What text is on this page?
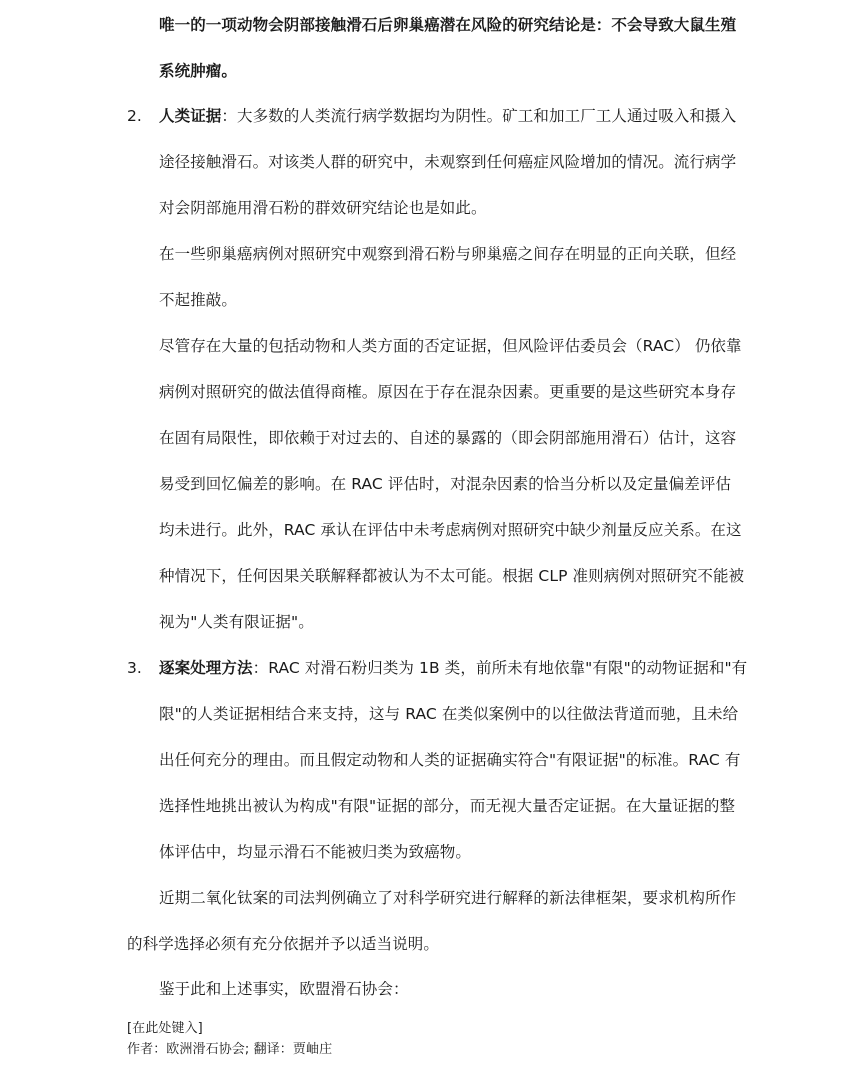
唯一的一项动物会阴部接触滑石后卵巢癌潜在风险的研究结论是：不会导致大鼠生殖

系统肿瘤。

2. 人类证据：大多数的人类流行病学数据均为阴性。矿工和加工厂工人通过吸入和摄入

途径接触滑石。对该类人群的研究中，未观察到任何癌症风险增加的情况。流行病学

对会阴部施用滑石粉的群效研究结论也是如此。

在一些卵巢癌病例对照研究中观察到滑石粉与卵巢癌之间存在明显的正向关联，但经

不起推敲。

尽管存在大量的包括动物和人类方面的否定证据，但风险评估委员会（RAC） 仍依靠

病例对照研究的做法值得商榷。原因在于存在混杂因素。更重要的是这些研究本身存

在固有局限性，即依赖于对过去的、自述的暴露的（即会阴部施用滑石）估计，这容

易受到回忆偏差的影响。在 RAC 评估时，对混杂因素的恰当分析以及定量偏差评估

均未进行。此外，RAC 承认在评估中未考虑病例对照研究中缺少剂量反应关系。在这

种情况下，任何因果关联解释都被认为不太可能。根据 CLP 准则病例对照研究不能被

视为"人类有限证据"。

3. 逐案处理方法：RAC 对滑石粉归类为 1B 类，前所未有地依靠"有限"的动物证据和"有

限"的人类证据相结合来支持，这与 RAC 在类似案例中的以往做法背道而驰，且未给

出任何充分的理由。而且假定动物和人类的证据确实符合"有限证据"的标准。RAC 有

选择性地挑出被认为构成"有限"证据的部分，而无视大量否定证据。在大量证据的整

体评估中，均显示滑石不能被归类为致癌物。

近期二氧化钛案的司法判例确立了对科学研究进行解释的新法律框架，要求机构所作

的科学选择必须有充分依据并予以适当说明。

鉴于此和上述事实，欧盟滑石协会：

[在此处键入]

作者：欧洲滑石协会; 翻译：贾岫庄
